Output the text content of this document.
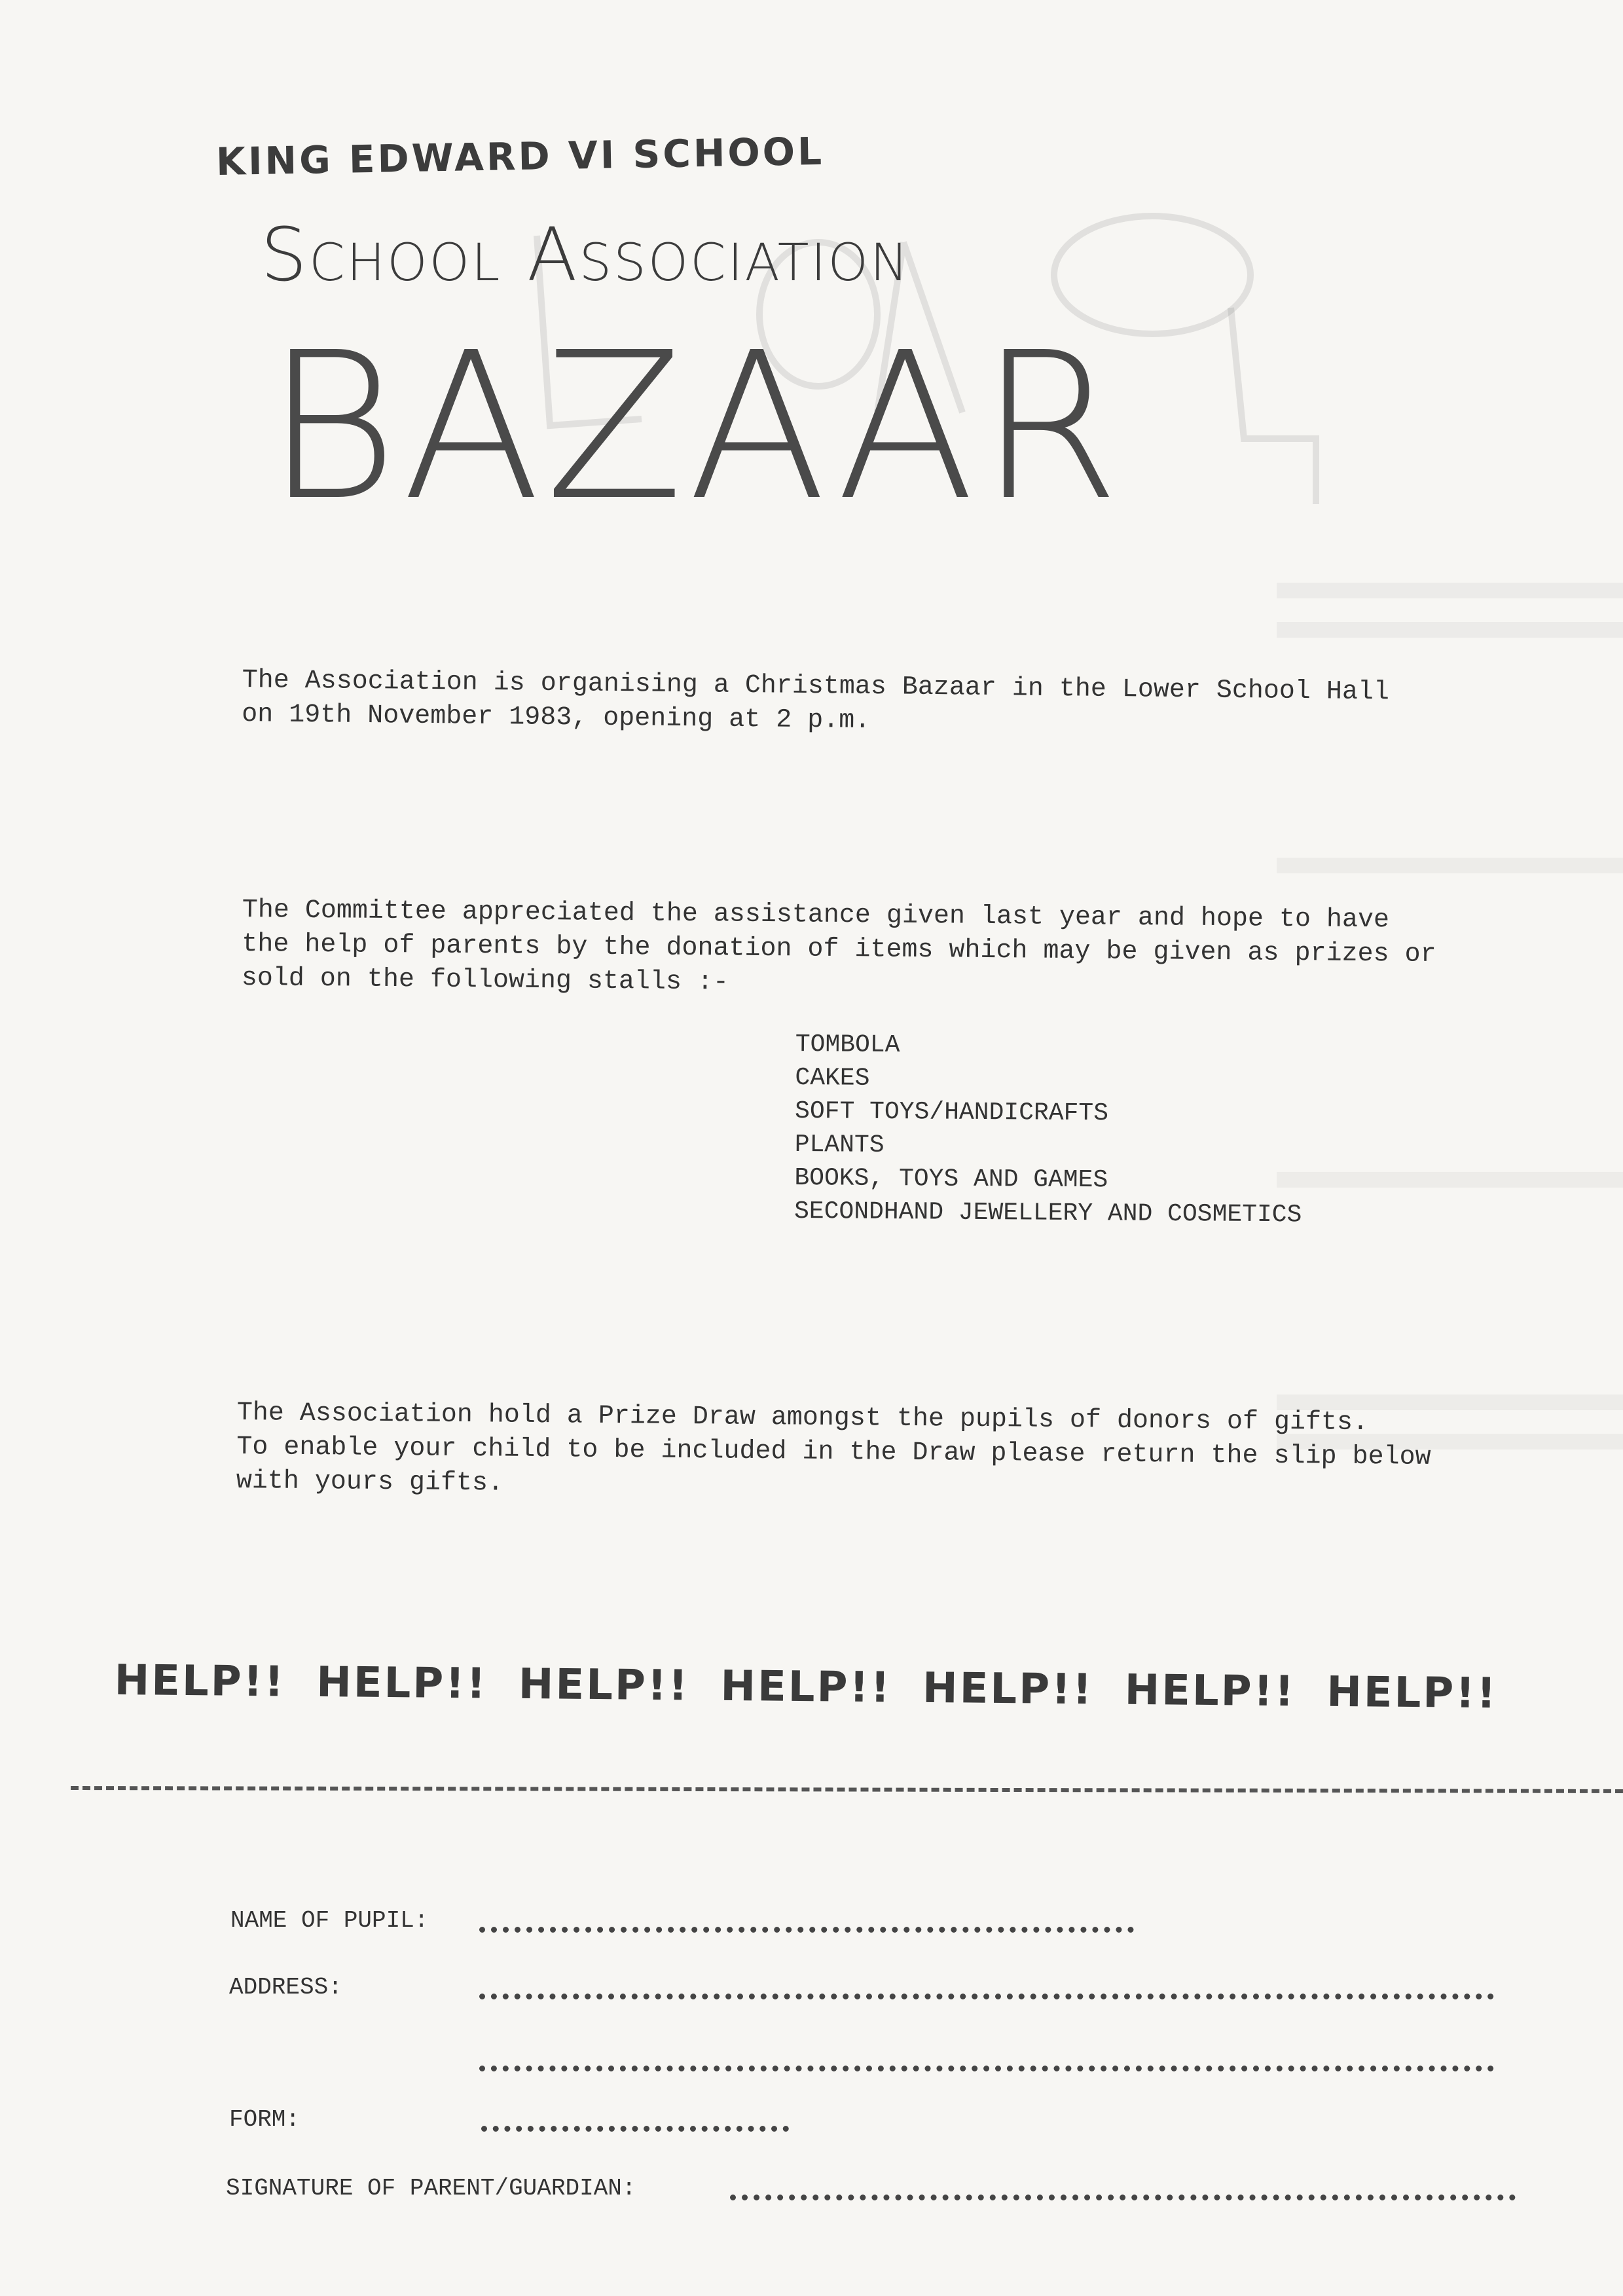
KING EDWARD VI SCHOOL
School Association
BAZAAR
The Association is organising a Christmas Bazaar in the Lower School Hall
on 19th November 1983, opening at 2 p.m.
The Committee appreciated the assistance given last year and hope to have
the help of parents by the donation of items which may be given as prizes or
sold on the following stalls :-
TOMBOLA
CAKES
SOFT TOYS/HANDICRAFTS
PLANTS
BOOKS, TOYS AND GAMES
SECONDHAND JEWELLERY AND COSMETICS
The Association hold a Prize Draw amongst the pupils of donors of gifts.
To enable your child to be included in the Draw please return the slip below
with yours gifts.
HELP!! HELP!! HELP!! HELP!! HELP!! HELP!! HELP!!
NAME OF PUPIL:
ADDRESS:
FORM:
SIGNATURE OF PARENT/GUARDIAN:
